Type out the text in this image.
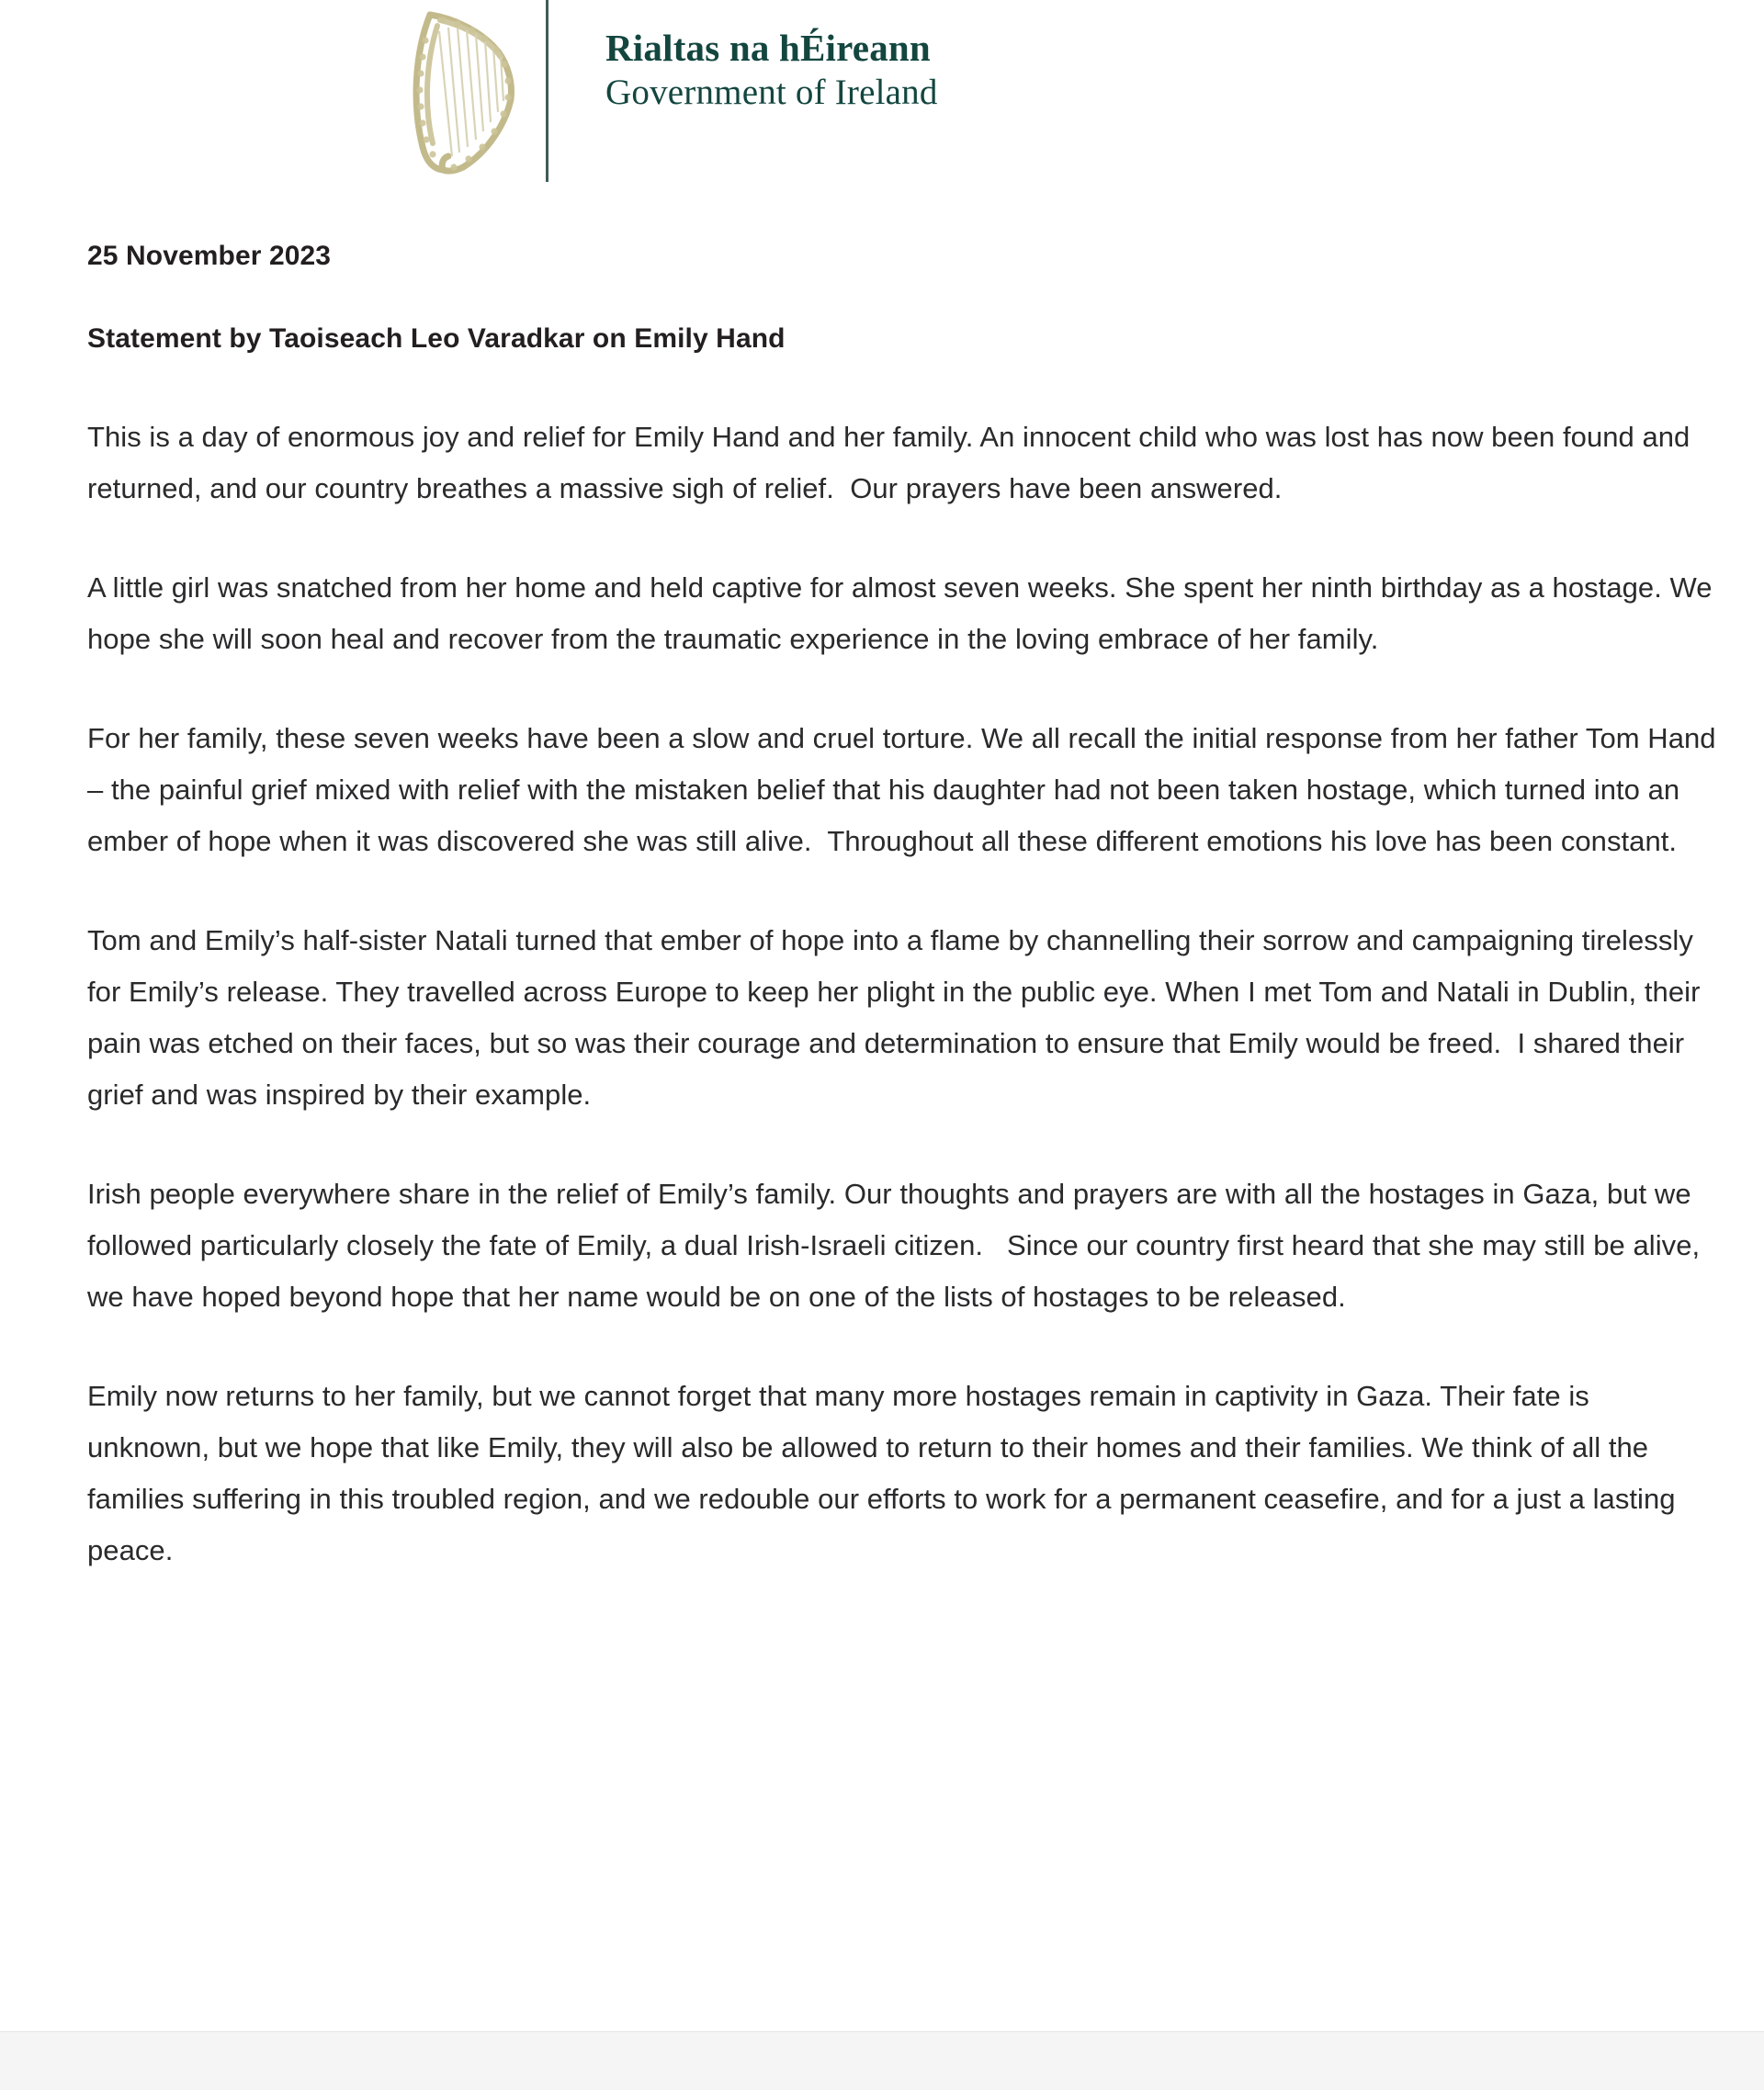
Rialtas na hÉireann
Government of Ireland
25 November 2023
Statement by Taoiseach Leo Varadkar on Emily Hand

This is a day of enormous joy and relief for Emily Hand and her family. An innocent child who was lost has now been found and returned, and our country breathes a massive sigh of relief.  Our prayers have been answered.

A little girl was snatched from her home and held captive for almost seven weeks. She spent her ninth birthday as a hostage. We hope she will soon heal and recover from the traumatic experience in the loving embrace of her family.

For her family, these seven weeks have been a slow and cruel torture. We all recall the initial response from her father Tom Hand – the painful grief mixed with relief with the mistaken belief that his daughter had not been taken hostage, which turned into an ember of hope when it was discovered she was still alive.  Throughout all these different emotions his love has been constant.

Tom and Emily’s half-sister Natali turned that ember of hope into a flame by channelling their sorrow and campaigning tirelessly for Emily’s release. They travelled across Europe to keep her plight in the public eye. When I met Tom and Natali in Dublin, their pain was etched on their faces, but so was their courage and determination to ensure that Emily would be freed.  I shared their grief and was inspired by their example.

Irish people everywhere share in the relief of Emily’s family. Our thoughts and prayers are with all the hostages in Gaza, but we followed particularly closely the fate of Emily, a dual Irish-Israeli citizen.   Since our country first heard that she may still be alive, we have hoped beyond hope that her name would be on one of the lists of hostages to be released.

Emily now returns to her family, but we cannot forget that many more hostages remain in captivity in Gaza. Their fate is unknown, but we hope that like Emily, they will also be allowed to return to their homes and their families. We think of all the families suffering in this troubled region, and we redouble our efforts to work for a permanent ceasefire, and for a just a lasting peace.
